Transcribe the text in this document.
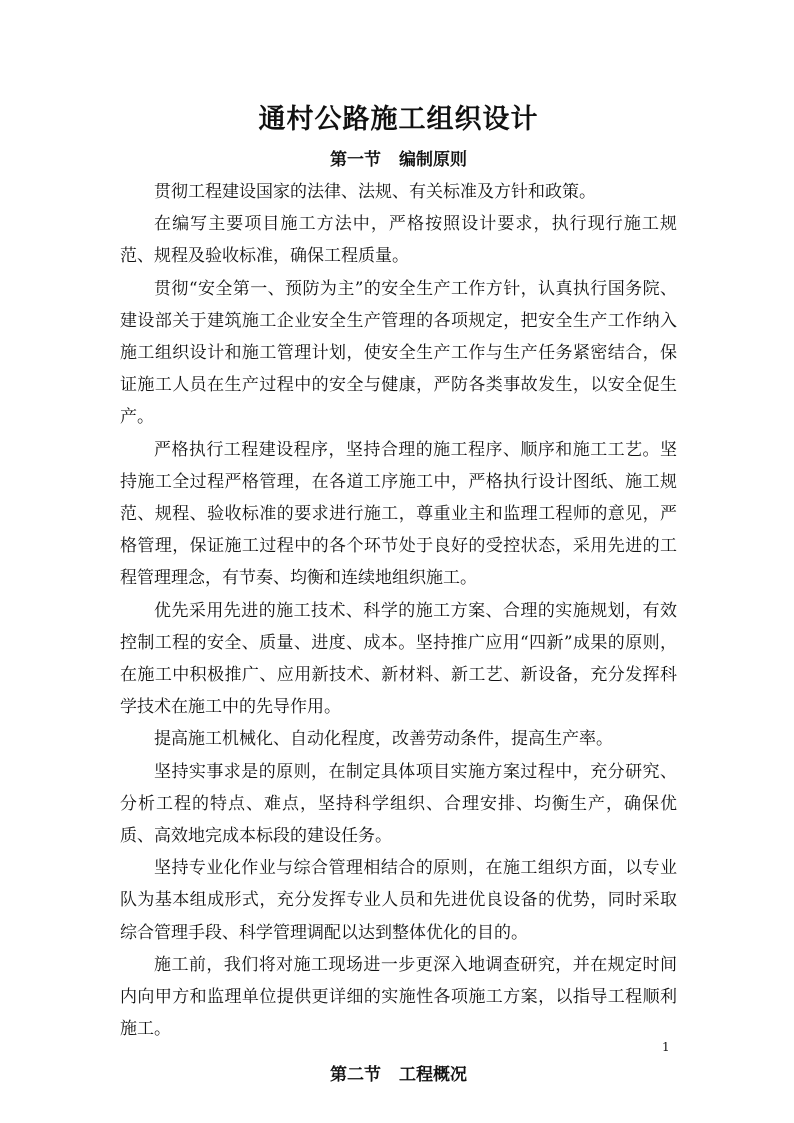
通村公路施工组织设计
第一节 编制原则

贯彻工程建设国家的法律、法规、有关标准及方针和政策。

在编写主要项目施工方法中，严格按照设计要求，执行现行施工规范、规程及验收标准，确保工程质量。

贯彻“安全第一、预防为主”的安全生产工作方针，认真执行国务院、建设部关于建筑施工企业安全生产管理的各项规定，把安全生产工作纳入施工组织设计和施工管理计划，使安全生产工作与生产任务紧密结合，保证施工人员在生产过程中的安全与健康，严防各类事故发生，以安全促生产。

严格执行工程建设程序，坚持合理的施工程序、顺序和施工工艺。坚持施工全过程严格管理，在各道工序施工中，严格执行设计图纸、施工规范、规程、验收标准的要求进行施工，尊重业主和监理工程师的意见，严格管理，保证施工过程中的各个环节处于良好的受控状态，采用先进的工程管理理念，有节奏、均衡和连续地组织施工。

优先采用先进的施工技术、科学的施工方案、合理的实施规划，有效控制工程的安全、质量、进度、成本。坚持推广应用“四新”成果的原则，在施工中积极推广、应用新技术、新材料、新工艺、新设备，充分发挥科学技术在施工中的先导作用。

提高施工机械化、自动化程度，改善劳动条件，提高生产率。

坚持实事求是的原则，在制定具体项目实施方案过程中，充分研究、分析工程的特点、难点，坚持科学组织、合理安排、均衡生产，确保优质、高效地完成本标段的建设任务。

坚持专业化作业与综合管理相结合的原则，在施工组织方面，以专业队为基本组成形式，充分发挥专业人员和先进优良设备的优势，同时采取综合管理手段、科学管理调配以达到整体优化的目的。

施工前，我们将对施工现场进一步更深入地调查研究，并在规定时间内向甲方和监理单位提供更详细的实施性各项施工方案，以指导工程顺利施工。

第二节 工程概况
1
